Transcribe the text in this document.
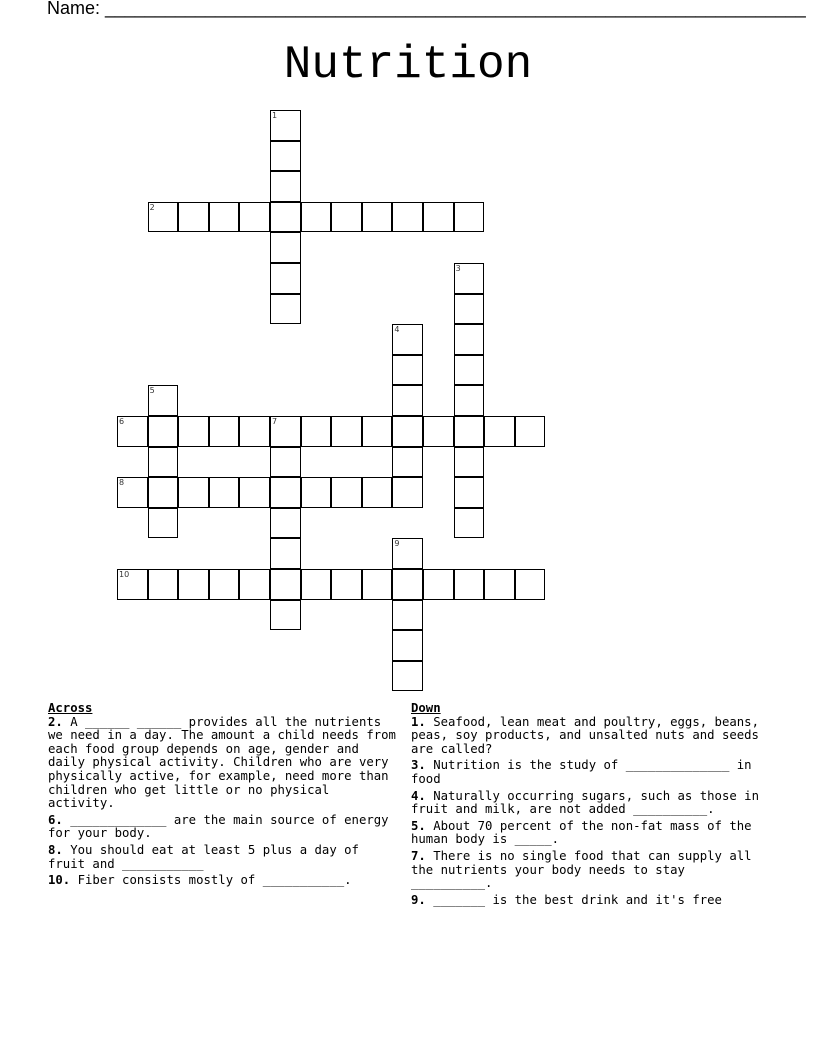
Name: ______________________________________________________________________
Nutrition
1
2
3
4
5
6	7
8
9
10
Across
2. A ______ ______ provides all the nutrients we need in a day. The amount a child needs from each food group depends on age, gender and daily physical activity. Children who are very physically active, for example, need more than children who get little or no physical activity.
6. _____________ are the main source of energy for your body.
8. You should eat at least 5 plus a day of fruit and ___________
10. Fiber consists mostly of ___________.
Down
1. Seafood, lean meat and poultry, eggs, beans, peas, soy products, and unsalted nuts and seeds are called?
3. Nutrition is the study of ______________ in food
4. Naturally occurring sugars, such as those in fruit and milk, are not added __________.
5. About 70 percent of the non-fat mass of the human body is _____.
7. There is no single food that can supply all the nutrients your body needs to stay __________.
9. _______ is the best drink and it's free
